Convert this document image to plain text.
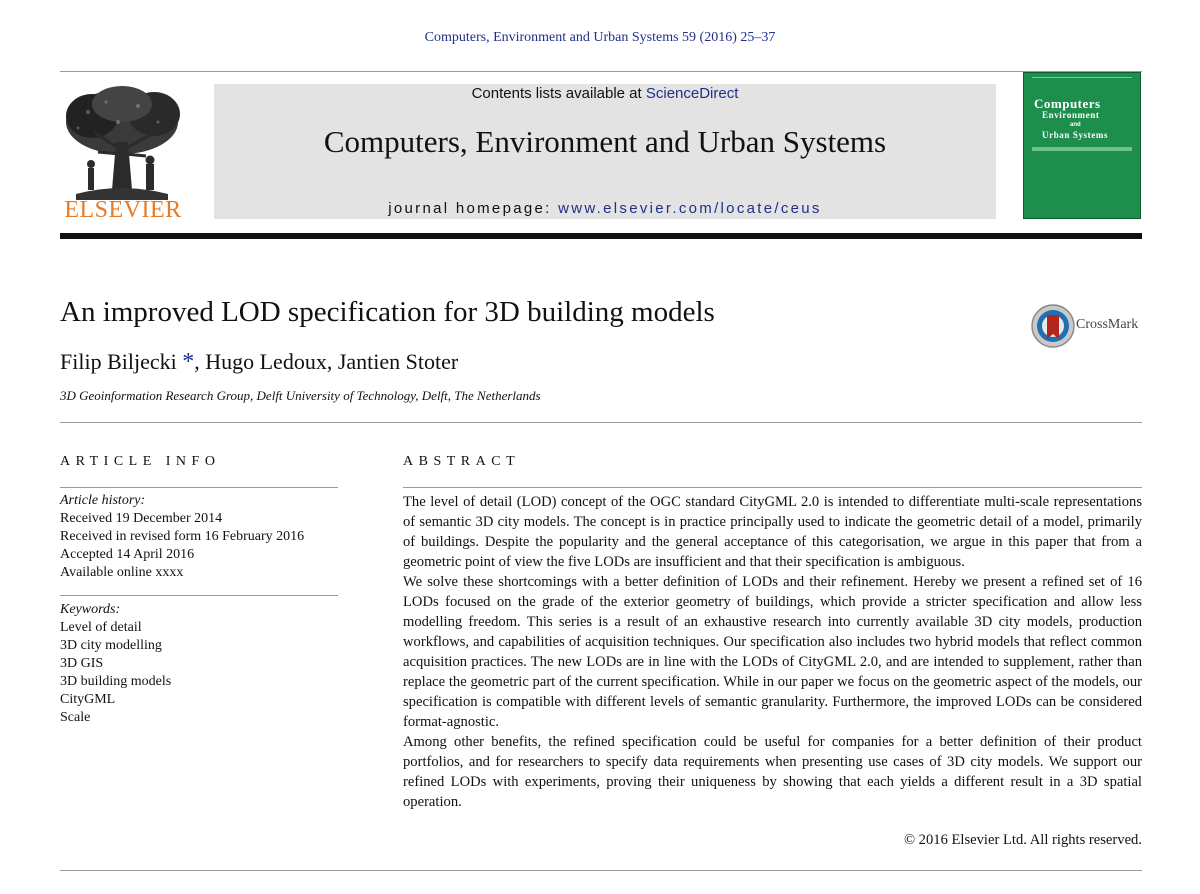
Computers, Environment and Urban Systems 59 (2016) 25–37
ELSEVIER
Contents lists available at ScienceDirect
Computers, Environment and Urban Systems
journal homepage: www.elsevier.com/locate/ceus
Computers
Environment
and
Urban Systems
An improved LOD specification for 3D building models
Filip Biljecki *, Hugo Ledoux, Jantien Stoter
3D Geoinformation Research Group, Delft University of Technology, Delft, The Netherlands
CrossMark
ARTICLE INFO
Article history:
Received 19 December 2014
Received in revised form 16 February 2016
Accepted 14 April 2016
Available online xxxx
Keywords:
Level of detail
3D city modelling
3D GIS
3D building models
CityGML
Scale
ABSTRACT

The level of detail (LOD) concept of the OGC standard CityGML 2.0 is intended to differentiate multi-scale representations of semantic 3D city models. The concept is in practice principally used to indicate the geometric detail of a model, primarily of buildings. Despite the popularity and the general acceptance of this categorisation, we argue in this paper that from a geometric point of view the five LODs are insufficient and that their specification is ambiguous.

We solve these shortcomings with a better definition of LODs and their refinement. Hereby we present a refined set of 16 LODs focused on the grade of the exterior geometry of buildings, which provide a stricter specification and allow less modelling freedom. This series is a result of an exhaustive research into currently available 3D city models, production workflows, and capabilities of acquisition techniques. Our specification also includes two hybrid models that reflect common acquisition practices. The new LODs are in line with the LODs of CityGML 2.0, and are intended to supplement, rather than replace the geometric part of the current specification. While in our paper we focus on the geometric aspect of the models, our specification is compatible with different levels of semantic granularity. Furthermore, the improved LODs can be considered format-agnostic.

Among other benefits, the refined specification could be useful for companies for a better definition of their product portfolios, and for researchers to specify data requirements when presenting use cases of 3D city models. We support our refined LODs with experiments, proving their uniqueness by showing that each yields a different result in a 3D spatial operation.

© 2016 Elsevier Ltd. All rights reserved.
